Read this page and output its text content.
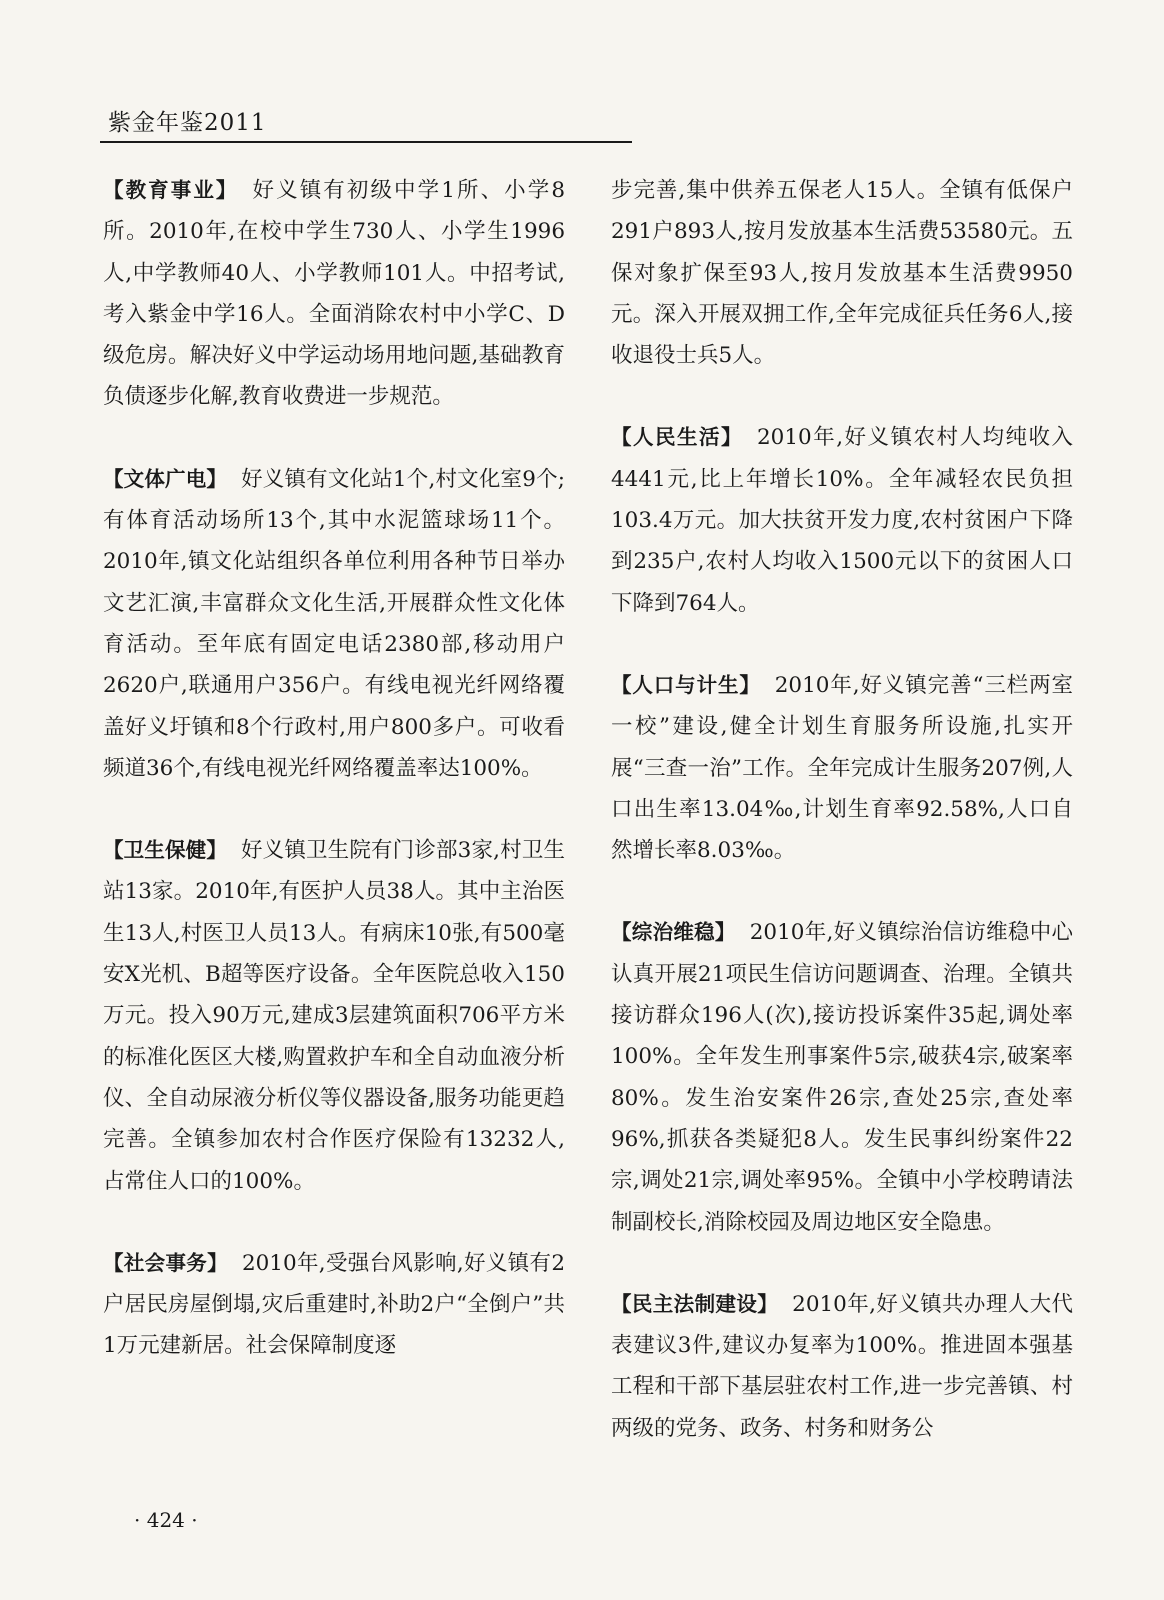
紫金年鉴2011

【教育事业】 好义镇有初级中学1所、小学8所。2010年,在校中学生730人、小学生1996人,中学教师40人、小学教师101人。中招考试,考入紫金中学16人。全面消除农村中小学C、D级危房。解决好义中学运动场用地问题,基础教育负债逐步化解,教育收费进一步规范。

【文体广电】 好义镇有文化站1个,村文化室9个;有体育活动场所13个,其中水泥篮球场11个。2010年,镇文化站组织各单位利用各种节日举办文艺汇演,丰富群众文化生活,开展群众性文化体育活动。至年底有固定电话2380部,移动用户2620户,联通用户356户。有线电视光纤网络覆盖好义圩镇和8个行政村,用户800多户。可收看频道36个,有线电视光纤网络覆盖率达100%。

【卫生保健】 好义镇卫生院有门诊部3家,村卫生站13家。2010年,有医护人员38人。其中主治医生13人,村医卫人员13人。有病床10张,有500毫安X光机、B超等医疗设备。全年医院总收入150万元。投入90万元,建成3层建筑面积706平方米的标准化医区大楼,购置救护车和全自动血液分析仪、全自动尿液分析仪等仪器设备,服务功能更趋完善。全镇参加农村合作医疗保险有13232人,占常住人口的100%。

【社会事务】 2010年,受强台风影响,好义镇有2户居民房屋倒塌,灾后重建时,补助2户“全倒户”共1万元建新居。社会保障制度逐

步完善,集中供养五保老人15人。全镇有低保户291户893人,按月发放基本生活费53580元。五保对象扩保至93人,按月发放基本生活费9950元。深入开展双拥工作,全年完成征兵任务6人,接收退役士兵5人。

【人民生活】 2010年,好义镇农村人均纯收入4441元,比上年增长10%。全年减轻农民负担103.4万元。加大扶贫开发力度,农村贫困户下降到235户,农村人均收入1500元以下的贫困人口下降到764人。

【人口与计生】 2010年,好义镇完善“三栏两室一校”建设,健全计划生育服务所设施,扎实开展“三查一治”工作。全年完成计生服务207例,人口出生率13.04‰,计划生育率92.58%,人口自然增长率8.03‰。

【综治维稳】 2010年,好义镇综治信访维稳中心认真开展21项民生信访问题调查、治理。全镇共接访群众196人(次),接访投诉案件35起,调处率100%。全年发生刑事案件5宗,破获4宗,破案率80%。发生治安案件26宗,查处25宗,查处率96%,抓获各类疑犯8人。发生民事纠纷案件22宗,调处21宗,调处率95%。全镇中小学校聘请法制副校长,消除校园及周边地区安全隐患。

【民主法制建设】 2010年,好义镇共办理人大代表建议3件,建议办复率为100%。推进固本强基工程和干部下基层驻农村工作,进一步完善镇、村两级的党务、政务、村务和财务公

· 424 ·
